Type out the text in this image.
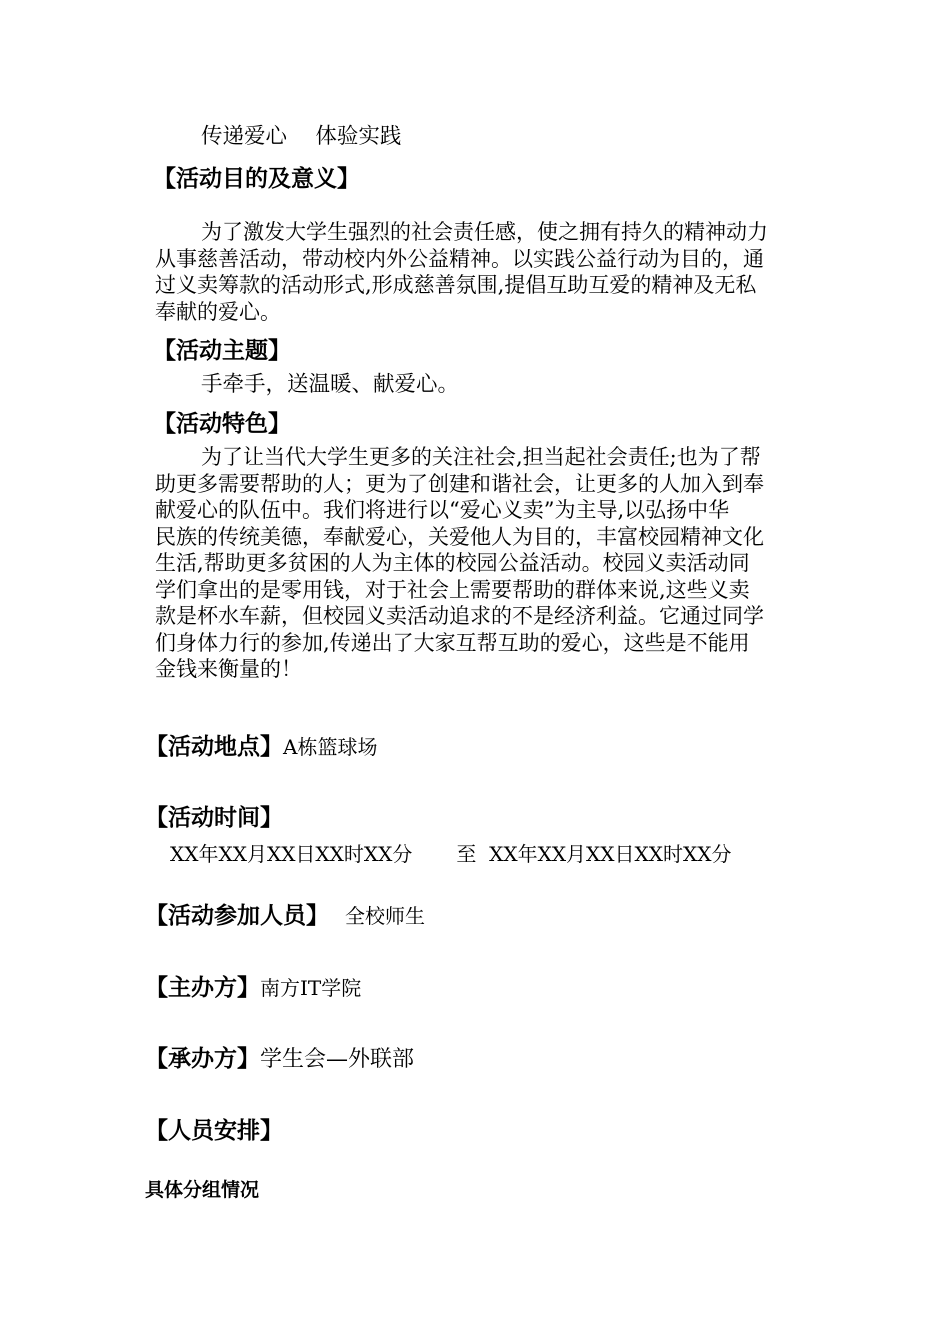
传递爱心　 体验实践
【活动目的及意义】
为了激发大学生强烈的社会责任感，使之拥有持久的精神动力
从事慈善活动，带动校内外公益精神。以实践公益行动为目的，通
过义卖筹款的活动形式,形成慈善氛围,提倡互助互爱的精神及无私
奉献的爱心。
【活动主题】
手牵手，送温暖、献爱心。
【活动特色】
为了让当代大学生更多的关注社会,担当起社会责任;也为了帮
助更多需要帮助的人；更为了创建和谐社会，让更多的人加入到奉
献爱心的队伍中。我们将进行以“爱心义卖”为主导,以弘扬中华
民族的传统美德，奉献爱心，关爱他人为目的，丰富校园精神文化
生活,帮助更多贫困的人为主体的校园公益活动。校园义卖活动同
学们拿出的是零用钱，对于社会上需要帮助的群体来说,这些义卖
款是杯水车薪，但校园义卖活动追求的不是经济利益。它通过同学
们身体力行的参加,传递出了大家互帮互助的爱心，这些是不能用
金钱来衡量的！
【活动地点】A栋篮球场
【活动时间】
XX年XX月XX日XX时XX分 至 XX年XX月XX日XX时XX分
【活动参加人员】 全校师生
【主办方】南方IT学院
【承办方】学生会—外联部
【人员安排】
具体分组情况
